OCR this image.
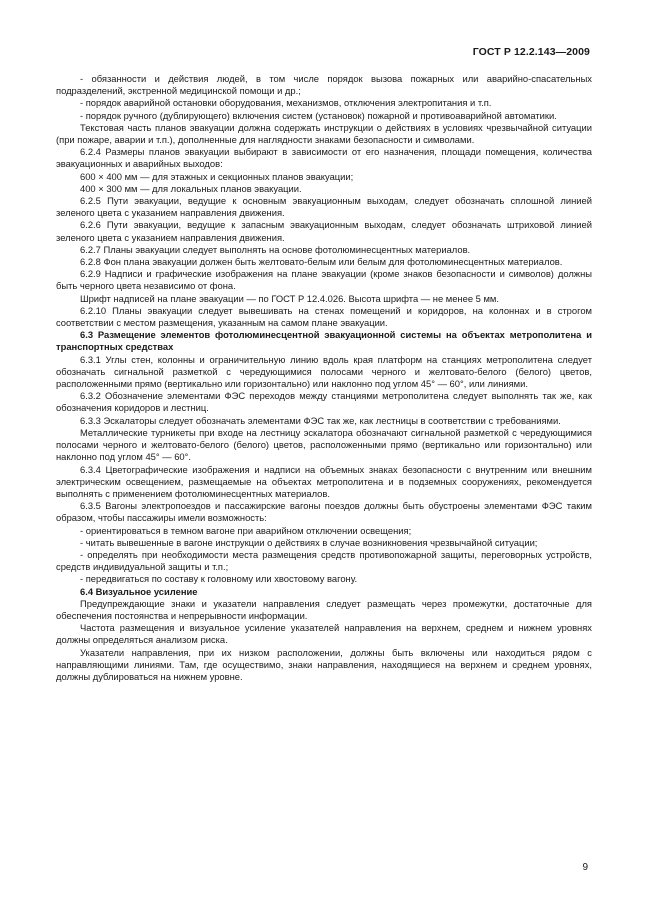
ГОСТ Р 12.2.143—2009

- обязанности и действия людей, в том числе порядок вызова пожарных или аварийно-спасательных подразделений, экстренной медицинской помощи и др.;

- порядок аварийной остановки оборудования, механизмов, отключения электропитания и т.п.

- порядок ручного (дублирующего) включения систем (установок) пожарной и противоаварийной автоматики.

Текстовая часть планов эвакуации должна содержать инструкции о действиях в условиях чрезвычайной ситуации (при пожаре, аварии и т.п.), дополненные для наглядности знаками безопасности и символами.

6.2.4 Размеры планов эвакуации выбирают в зависимости от его назначения, площади помещения, количества эвакуационных и аварийных выходов:

600 × 400 мм — для этажных и секционных планов эвакуации;

400 × 300 мм — для локальных планов эвакуации.

6.2.5 Пути эвакуации, ведущие к основным эвакуационным выходам, следует обозначать сплошной линией зеленого цвета с указанием направления движения.

6.2.6 Пути эвакуации, ведущие к запасным эвакуационным выходам, следует обозначать штриховой линией зеленого цвета с указанием направления движения.

6.2.7 Планы эвакуации следует выполнять на основе фотолюминесцентных материалов.

6.2.8 Фон плана эвакуации должен быть желтовато-белым или белым для фотолюминесцентных материалов.

6.2.9 Надписи и графические изображения на плане эвакуации (кроме знаков безопасности и символов) должны быть черного цвета независимо от фона.

Шрифт надписей на плане эвакуации — по ГОСТ Р 12.4.026. Высота шрифта — не менее 5 мм.

6.2.10 Планы эвакуации следует вывешивать на стенах помещений и коридоров, на колоннах и в строгом соответствии с местом размещения, указанным на самом плане эвакуации.

6.3 Размещение элементов фотолюминесцентной эвакуационной системы на объектах метрополитена и транспортных средствах

6.3.1 Углы стен, колонны и ограничительную линию вдоль края платформ на станциях метрополитена следует обозначать сигнальной разметкой с чередующимися полосами черного и желтовато-белого (белого) цветов, расположенными прямо (вертикально или горизонтально) или наклонно под углом 45° — 60°, или линиями.

6.3.2 Обозначение элементами ФЭС переходов между станциями метрополитена следует выполнять так же, как обозначения коридоров и лестниц.

6.3.3 Эскалаторы следует обозначать элементами ФЭС так же, как лестницы в соответствии с требованиями.

Металлические турникеты при входе на лестницу эскалатора обозначают сигнальной разметкой с чередующимися полосами черного и желтовато-белого (белого) цветов, расположенными прямо (вертикально или горизонтально) или наклонно под углом 45° — 60°.

6.3.4 Цветографические изображения и надписи на объемных знаках безопасности с внутренним или внешним электрическим освещением, размещаемые на объектах метрополитена и в подземных сооружениях, рекомендуется выполнять с применением фотолюминесцентных материалов.

6.3.5 Вагоны электропоездов и пассажирские вагоны поездов должны быть обустроены элементами ФЭС таким образом, чтобы пассажиры имели возможность:

- ориентироваться в темном вагоне при аварийном отключении освещения;

- читать вывешенные в вагоне инструкции о действиях в случае возникновения чрезвычайной ситуации;

- определять при необходимости места размещения средств противопожарной защиты, переговорных устройств, средств индивидуальной защиты и т.п.;

- передвигаться по составу к головному или хвостовому вагону.

6.4 Визуальное усиление

Предупреждающие знаки и указатели направления следует размещать через промежутки, достаточные для обеспечения постоянства и непрерывности информации.

Частота размещения и визуальное усиление указателей направления на верхнем, среднем и нижнем уровнях должны определяться анализом риска.

Указатели направления, при их низком расположении, должны быть включены или находиться рядом с направляющими линиями. Там, где осуществимо, знаки направления, находящиеся на верхнем и среднем уровнях, должны дублироваться на нижнем уровне.

9
